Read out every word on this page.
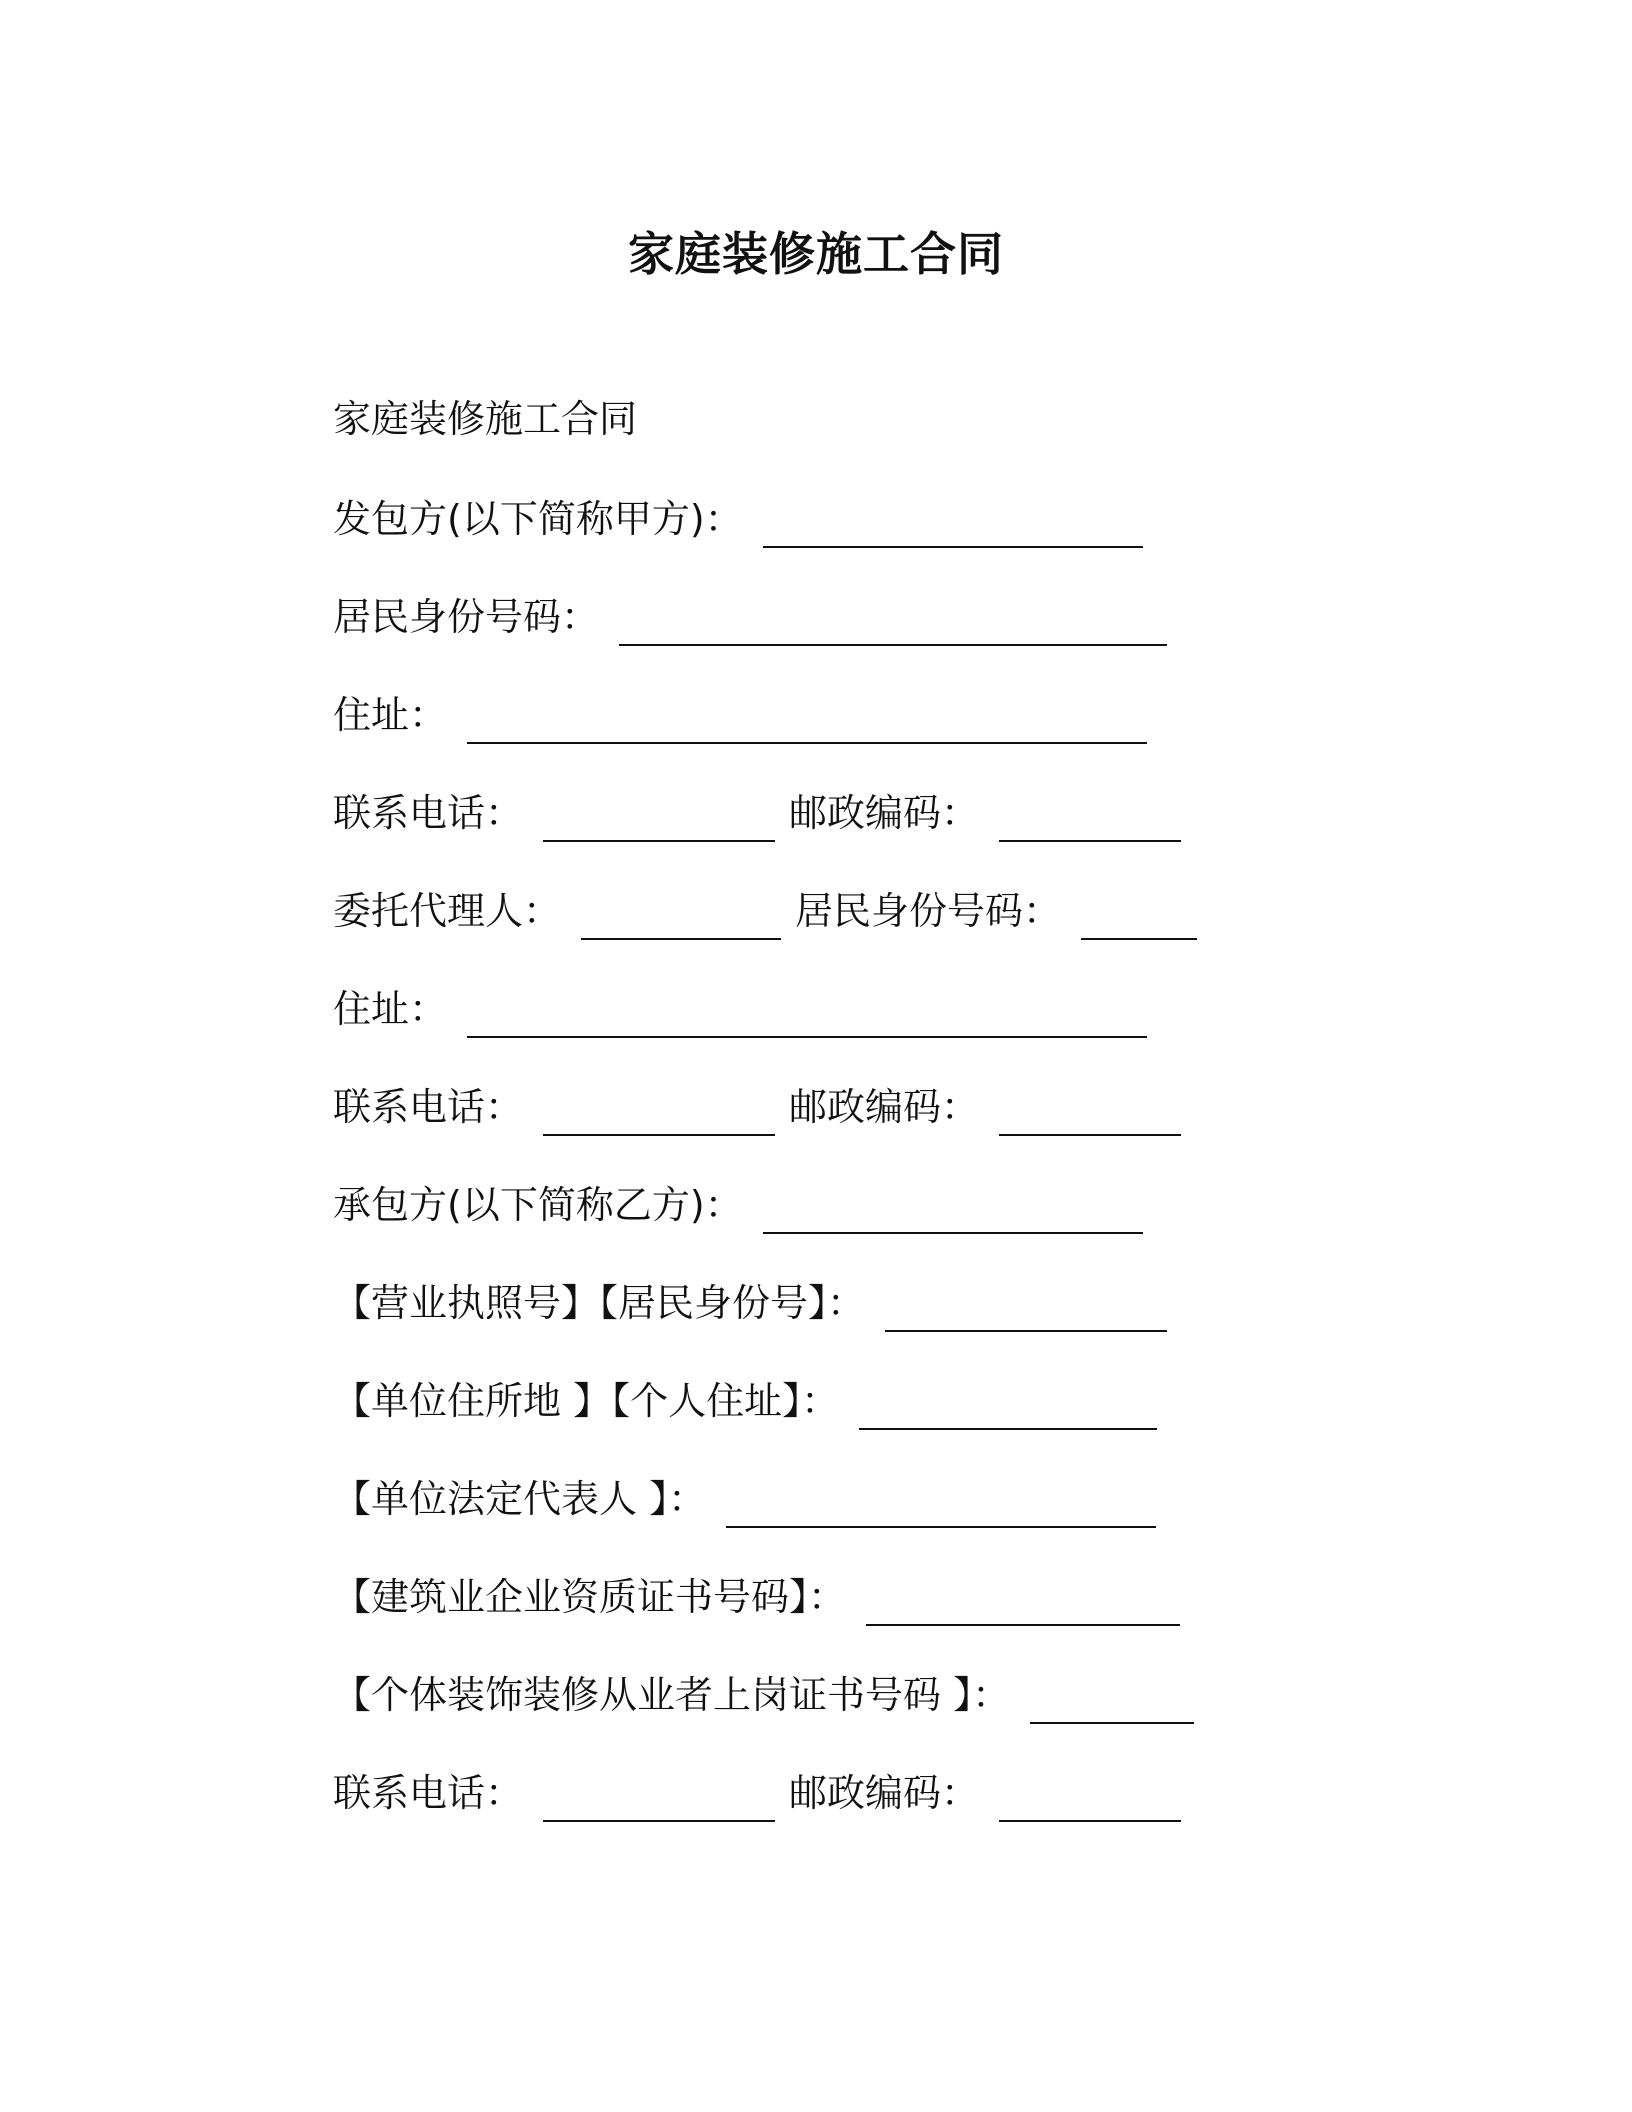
家庭装修施工合同
家庭装修施工合同
发包方(以下简称甲方)：
居民身份号码：
住址：
联系电话：	邮政编码：
委托代理人：	居民身份号码：
住址：
联系电话：	邮政编码：
承包方(以下简称乙方)：
【营业执照号】【居民身份号】：
【单位住所地 】【个人住址】：
【单位法定代表人 】：
【建筑业企业资质证书号码】：
【个体装饰装修从业者上岗证书号码 】：
联系电话：	邮政编码：
